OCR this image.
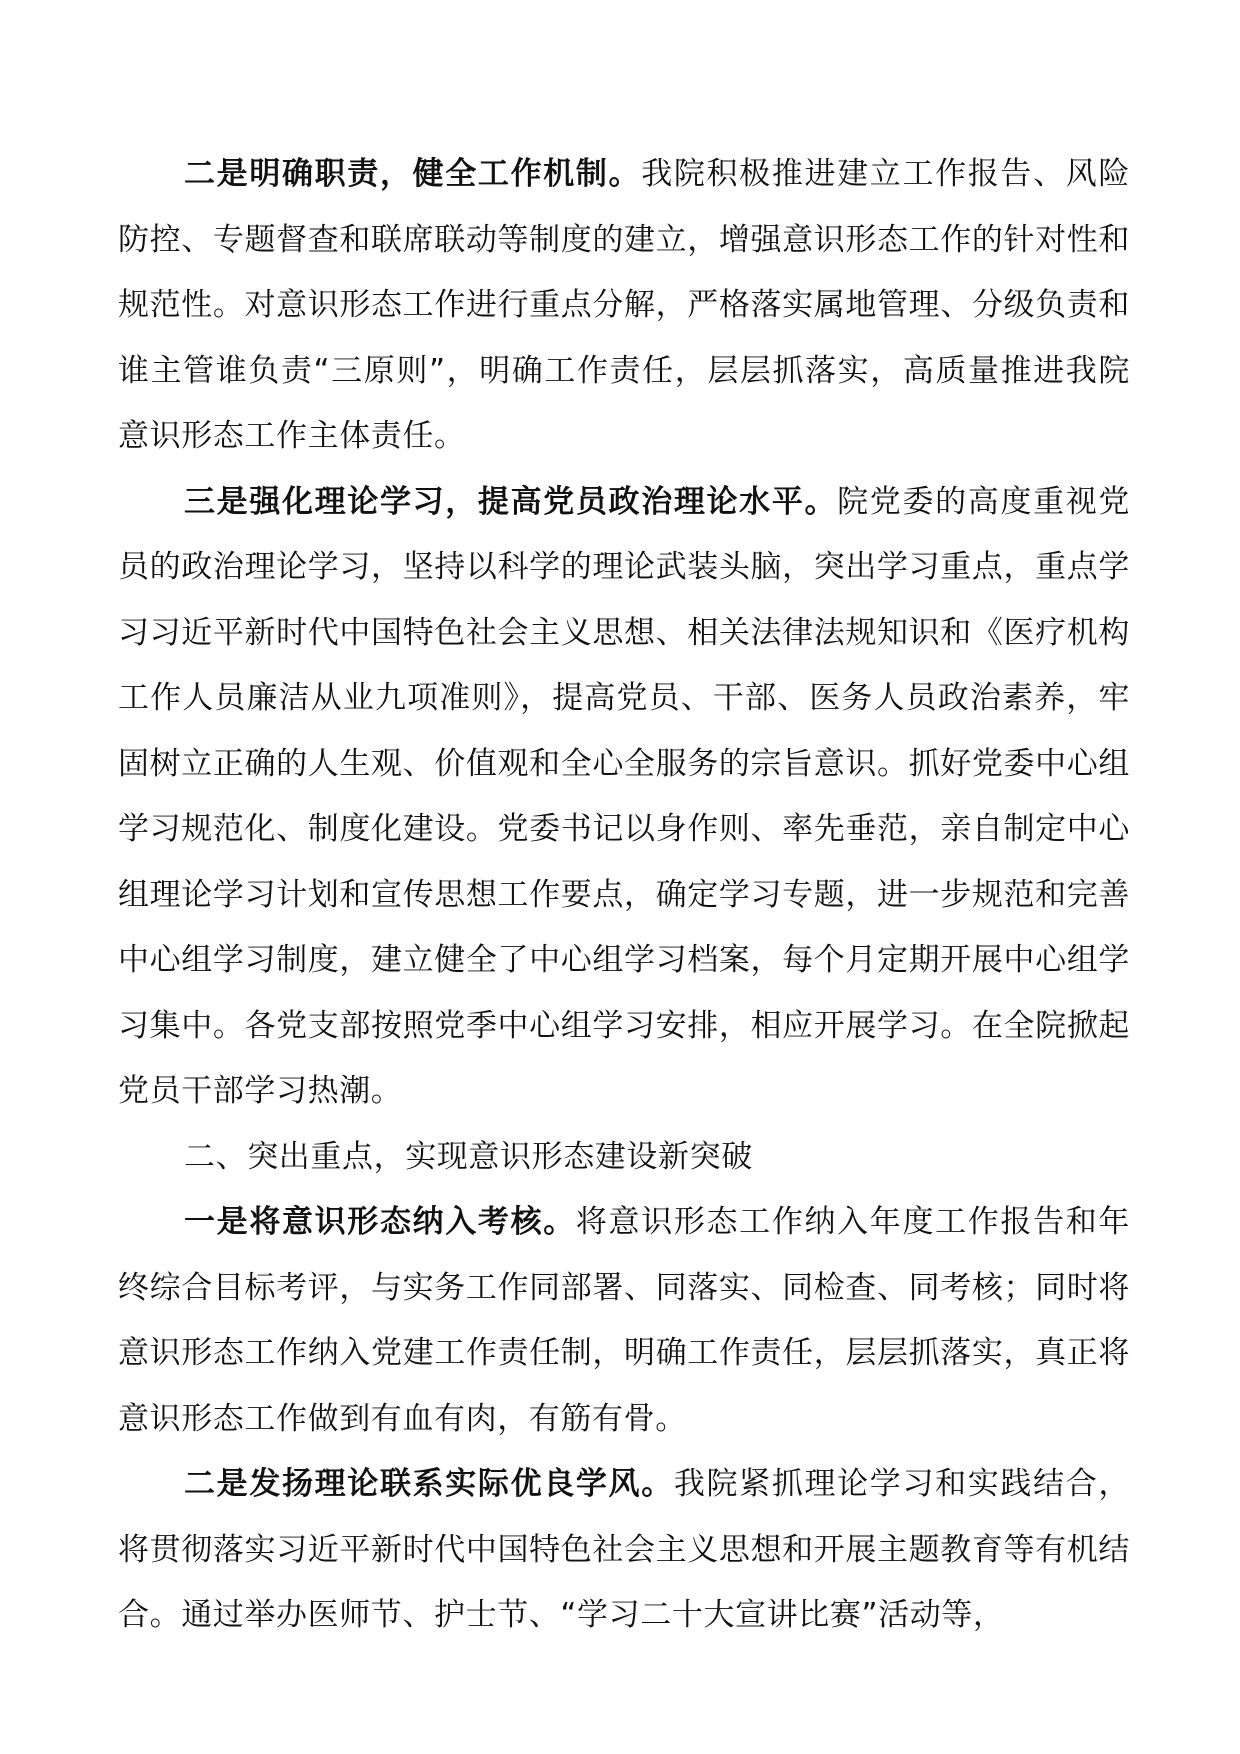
二是明确职责，健全工作机制。我院积极推进建立工作报告、风险防控、专题督查和联席联动等制度的建立，增强意识形态工作的针对性和规范性。对意识形态工作进行重点分解，严格落实属地管理、分级负责和谁主管谁负责“三原则”，明确工作责任，层层抓落实，高质量推进我院意识形态工作主体责任。

三是强化理论学习，提高党员政治理论水平。院党委的高度重视党员的政治理论学习，坚持以科学的理论武装头脑，突出学习重点，重点学习习近平新时代中国特色社会主义思想、相关法律法规知识和《医疗机构工作人员廉洁从业九项准则》，提高党员、干部、医务人员政治素养，牢固树立正确的人生观、价值观和全心全服务的宗旨意识。抓好党委中心组学习规范化、制度化建设。党委书记以身作则、率先垂范，亲自制定中心组理论学习计划和宣传思想工作要点，确定学习专题，进一步规范和完善中心组学习制度，建立健全了中心组学习档案，每个月定期开展中心组学习集中。各党支部按照党季中心组学习安排，相应开展学习。在全院掀起党员干部学习热潮。

二、突出重点，实现意识形态建设新突破

一是将意识形态纳入考核。将意识形态工作纳入年度工作报告和年终综合目标考评，与实务工作同部署、同落实、同检查、同考核；同时将意识形态工作纳入党建工作责任制，明确工作责任，层层抓落实，真正将意识形态工作做到有血有肉，有筋有骨。

二是发扬理论联系实际优良学风。我院紧抓理论学习和实践结合，将贯彻落实习近平新时代中国特色社会主义思想和开展主题教育等有机结合。通过举办医师节、护士节、“学习二十大宣讲比赛”活动等，
